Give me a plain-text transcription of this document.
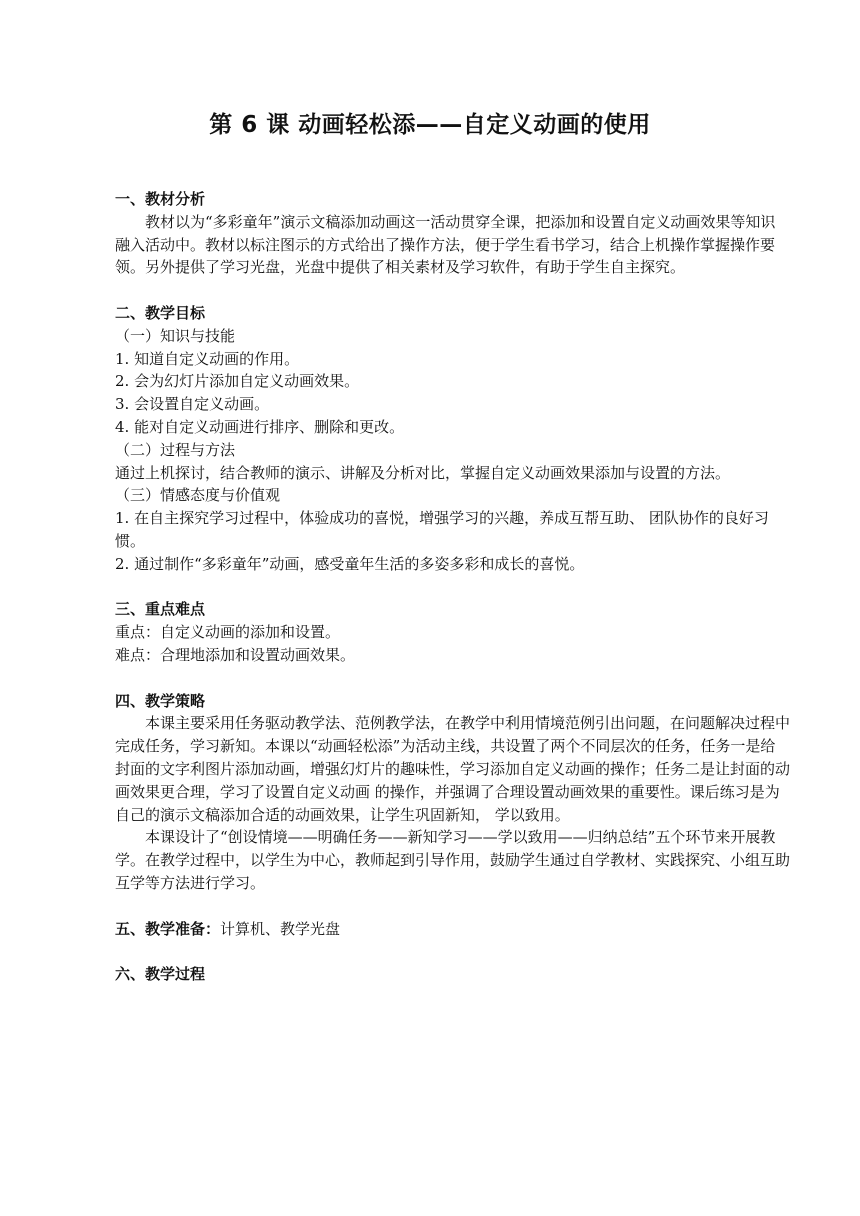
第 6 课 动画轻松添——自定义动画的使用

一、教材分析

教材以为“多彩童年”演示文稿添加动画这一活动贯穿全课，把添加和设置自定义动画效果等知识融入活动中。教材以标注图示的方式给出了操作方法，便于学生看书学习，结合上机操作掌握操作要领。另外提供了学习光盘，光盘中提供了相关素材及学习软件，有助于学生自主探究。

二、教学目标

（一）知识与技能

1. 知道自定义动画的作用。

2. 会为幻灯片添加自定义动画效果。

3. 会设置自定义动画。

4. 能对自定义动画进行排序、删除和更改。

（二）过程与方法

通过上机探讨，结合教师的演示、讲解及分析对比，掌握自定义动画效果添加与设置的方法。

（三）情感态度与价值观

1. 在自主探究学习过程中，体验成功的喜悦，增强学习的兴趣，养成互帮互助、 团队协作的良好习惯。

2. 通过制作“多彩童年”动画，感受童年生活的多姿多彩和成长的喜悦。

三、重点难点

重点：自定义动画的添加和设置。

难点：合理地添加和设置动画效果。

四、教学策略

本课主要采用任务驱动教学法、范例教学法，在教学中利用情境范例引出问题，在问题解决过程中完成任务，学习新知。本课以“动画轻松添”为活动主线，共设置了两个不同层次的任务，任务一是给封面的文字利图片添加动画，增强幻灯片的趣味性，学习添加自定义动画的操作；任务二是让封面的动画效果更合理，学习了设置自定义动画 的操作，并强调了合理设置动画效果的重要性。课后练习是为自己的演示文稿添加合适的动画效果，让学生巩固新知， 学以致用。

本课设计了“创设情境——明确任务——新知学习——学以致用——归纳总结”五个环节来开展教学。在教学过程中，以学生为中心，教师起到引导作用，鼓励学生通过自学教材、实践探究、小组互助互学等方法进行学习。

五、教学准备：计算机、教学光盘

六、教学过程
